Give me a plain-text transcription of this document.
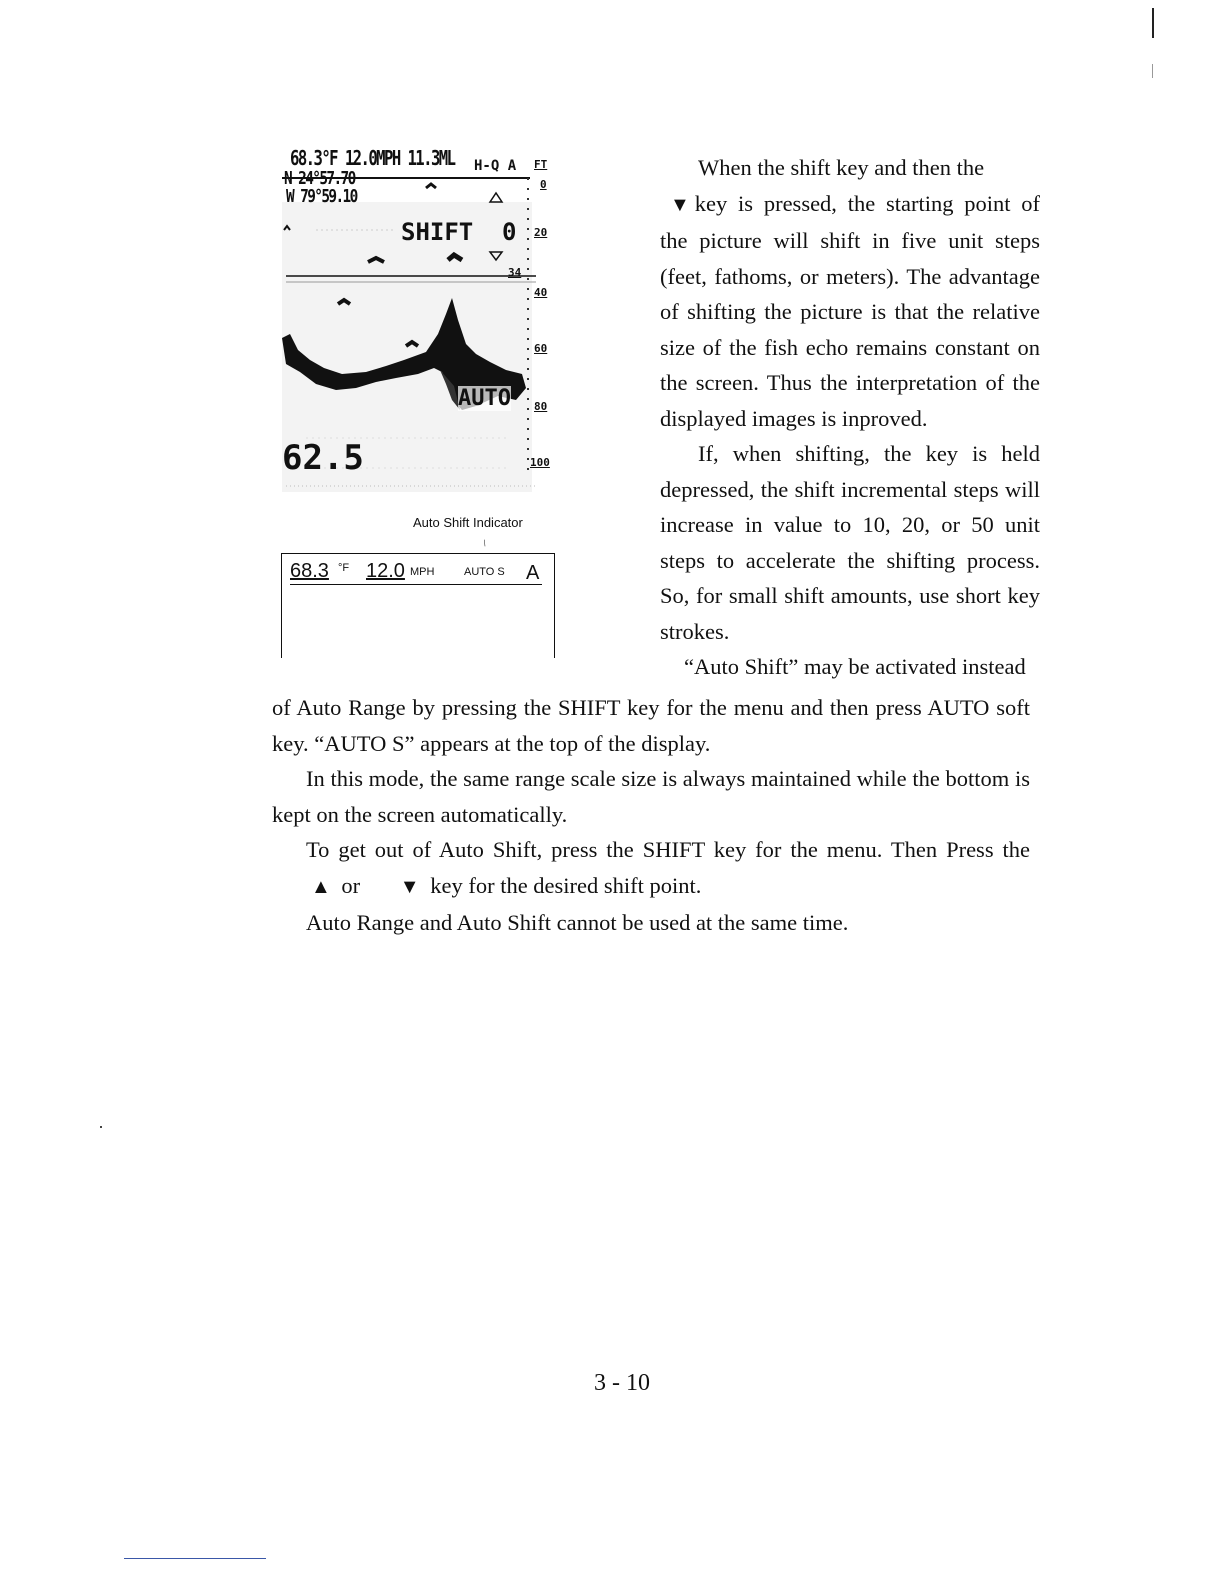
68.3°F 12.0MPH 11.3ML
N 24°57.70
W 79°59.10
H-Q A FT
SHIFT 0
AUTO
62.5
0
20
34
40
60
80
100
Auto Shift Indicator
68.3 °F 12.0 MPH	AUTO S A

When the shift key and then the

▼ key is pressed, the starting point of the picture will shift in five unit steps (feet, fathoms, or meters). The advantage of shifting the picture is that the relative size of the fish echo remains constant on the screen. Thus the interpretation of the displayed images is inproved.

If, when shifting, the key is held depressed, the shift incremental steps will increase in value to 10, 20, or 50 unit steps to accelerate the shifting process. So, for small shift amounts, use short key strokes.

“Auto Shift” may be activated instead

of Auto Range by pressing the SHIFT key for the menu and then press AUTO soft key. “AUTO S” appears at the top of the display.

In this mode, the same range scale size is always maintained while the bottom is kept on the screen automatically.

To get out of Auto Shift, press the SHIFT key for the menu. Then Press the  ▲  or ▼  key for the desired shift point.

Auto Range and Auto Shift cannot be used at the same time.

3 - 10
